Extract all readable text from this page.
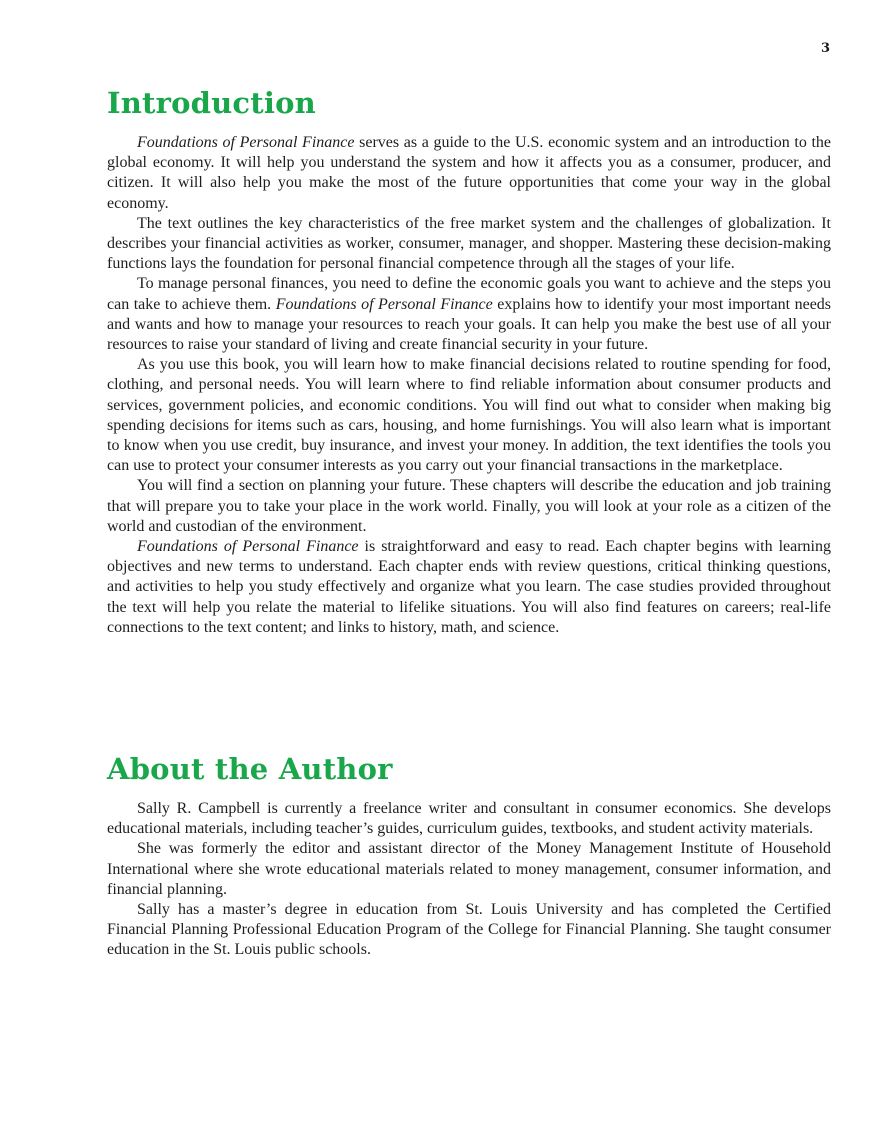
3
Introduction

Foundations of Personal Finance serves as a guide to the U.S. economic system and an introduction to the global economy. It will help you understand the system and how it affects you as a consumer, producer, and citizen. It will also help you make the most of the future opportunities that come your way in the global economy.

The text outlines the key characteristics of the free market system and the challenges of globalization. It describes your financial activities as worker, consumer, manager, and shopper. Mastering these decision-making functions lays the foundation for personal financial competence through all the stages of your life.

To manage personal finances, you need to define the economic goals you want to achieve and the steps you can take to achieve them. Foundations of Personal Finance explains how to identify your most important needs and wants and how to manage your resources to reach your goals. It can help you make the best use of all your resources to raise your standard of living and create financial security in your future.

As you use this book, you will learn how to make financial decisions related to routine spending for food, clothing, and personal needs. You will learn where to find reliable information about consumer products and services, government policies, and economic conditions. You will find out what to consider when making big spending decisions for items such as cars, housing, and home furnishings. You will also learn what is important to know when you use credit, buy insurance, and invest your money. In addition, the text identifies the tools you can use to protect your consumer interests as you carry out your financial transactions in the marketplace.

You will find a section on planning your future. These chapters will describe the education and job training that will prepare you to take your place in the work world. Finally, you will look at your role as a citizen of the world and custodian of the environment.

Foundations of Personal Finance is straightforward and easy to read. Each chapter begins with learning objectives and new terms to understand. Each chapter ends with review questions, critical thinking questions, and activities to help you study effectively and organize what you learn. The case studies provided throughout the text will help you relate the material to lifelike situations. You will also find features on careers; real-life connections to the text content; and links to history, math, and science.

About the Author

Sally R. Campbell is currently a freelance writer and consultant in consumer economics. She develops educational materials, including teacher’s guides, curriculum guides, textbooks, and student activity materials.

She was formerly the editor and assistant director of the Money Management Institute of Household International where she wrote educational materials related to money management, consumer information, and financial planning.

Sally has a master’s degree in education from St. Louis University and has completed the Certified Financial Planning Professional Education Program of the College for Financial Planning. She taught consumer education in the St. Louis public schools.
